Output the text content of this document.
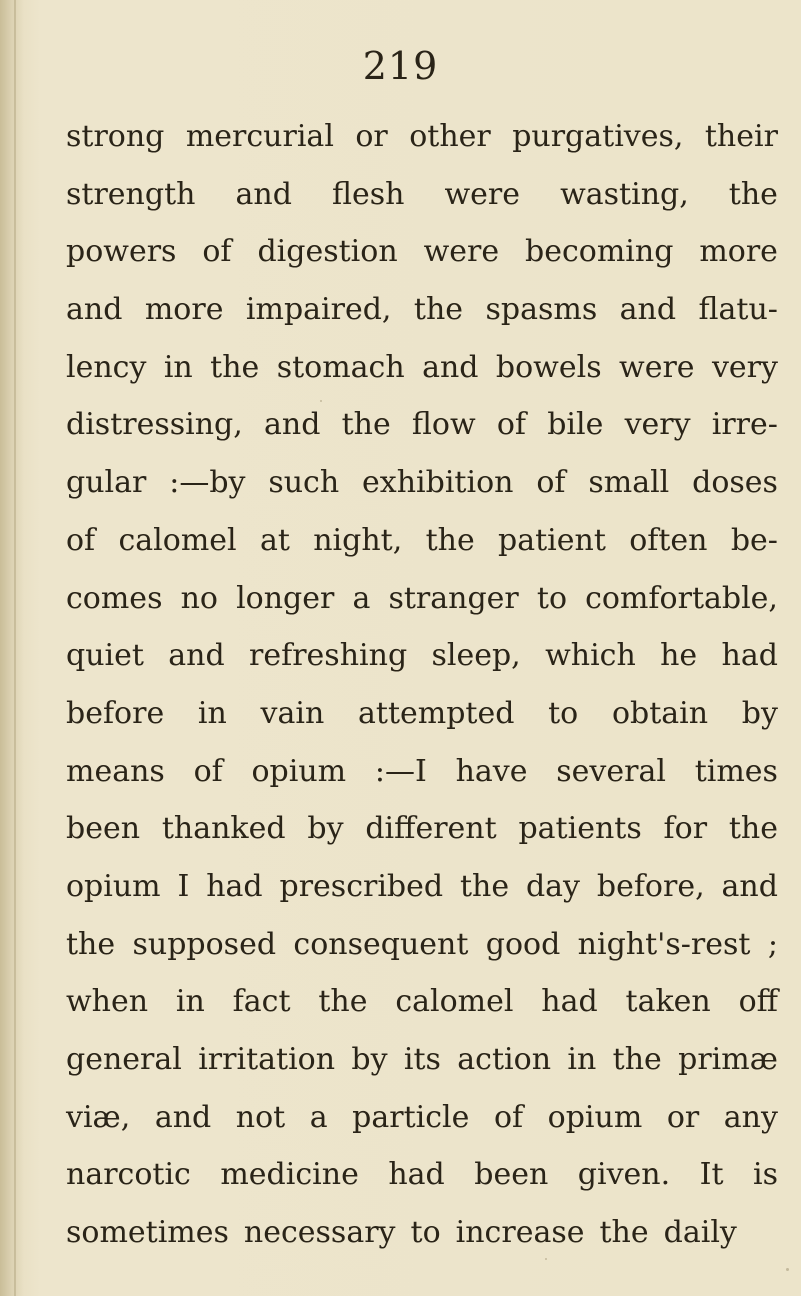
219
strong mercurial or other purgatives, their
strength and flesh were wasting, the
powers of digestion were becoming more
and more impaired, the spasms and flatu-
lency in the stomach and bowels were very
distressing, and the flow of bile very irre-
gular :—by such exhibition of small doses
of calomel at night, the patient often be-
comes no longer a stranger to comfortable,
quiet and refreshing sleep, which he had
before in vain attempted to obtain by
means of opium :—I have several times
been thanked by different patients for the
opium I had prescribed the day before, and
the supposed consequent good night's-rest ;
when in fact the calomel had taken off
general irritation by its action in the primæ
viæ, and not a particle of opium or any
narcotic medicine had been given. It is
sometimes necessary to increase the daily
